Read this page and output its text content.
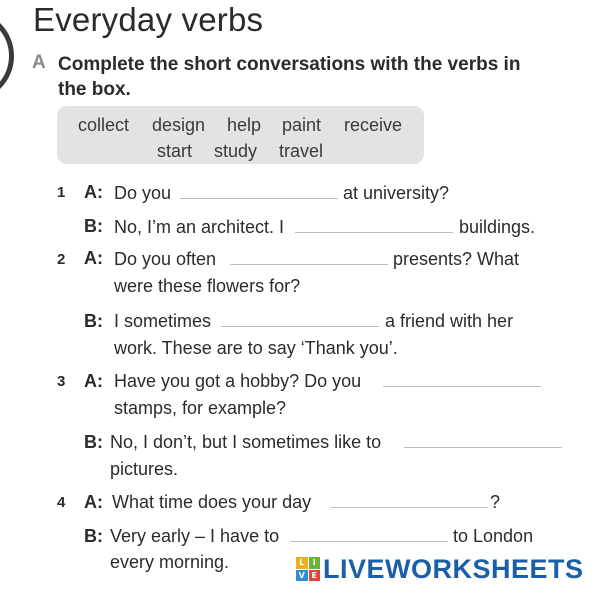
Everyday verbs
A Complete the short conversations with the verbs in the box.
collect design help paint receive
start study travel
1 A: Do you	at university?
B: No, I’m an architect. I	buildings.
2 A: Do you often	presents? What
were these flowers for?
B: I sometimes	a friend with her
work. These are to say ‘Thank you’.
3 A: Have you got a hobby? Do you
stamps, for example?
B: No, I don’t, but I sometimes like to
pictures.
4 A: What time does your day	?
B: Very early – I have to	to London
every morning.	L	I
V E LIVEWORKSHEETS
